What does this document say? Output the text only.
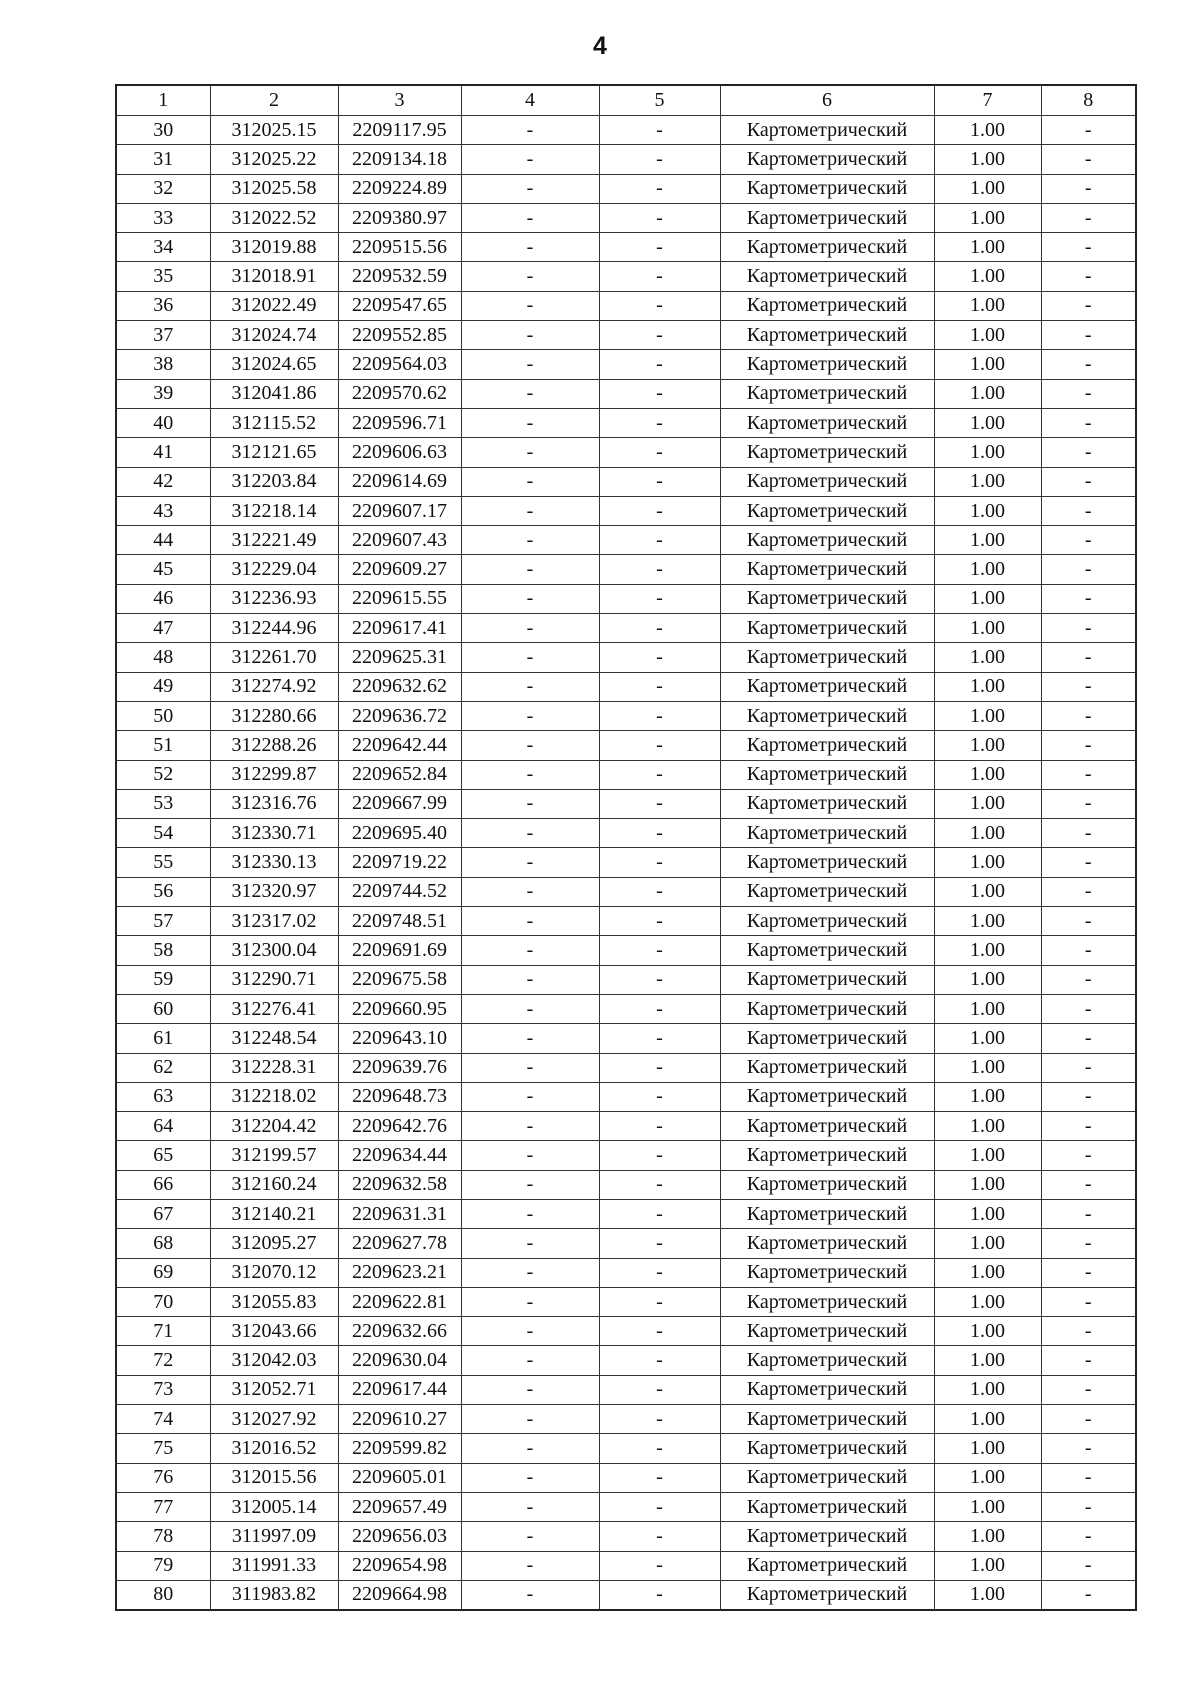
4
1	2	3	4	5	6	7	8
30	312025.15	2209117.95	-	-	Картометрический	1.00	-
31	312025.22	2209134.18	-	-	Картометрический	1.00	-
32	312025.58	2209224.89	-	-	Картометрический	1.00	-
33	312022.52	2209380.97	-	-	Картометрический	1.00	-
34	312019.88	2209515.56	-	-	Картометрический	1.00	-
35	312018.91	2209532.59	-	-	Картометрический	1.00	-
36	312022.49	2209547.65	-	-	Картометрический	1.00	-
37	312024.74	2209552.85	-	-	Картометрический	1.00	-
38	312024.65	2209564.03	-	-	Картометрический	1.00	-
39	312041.86	2209570.62	-	-	Картометрический	1.00	-
40	312115.52	2209596.71	-	-	Картометрический	1.00	-
41	312121.65	2209606.63	-	-	Картометрический	1.00	-
42	312203.84	2209614.69	-	-	Картометрический	1.00	-
43	312218.14	2209607.17	-	-	Картометрический	1.00	-
44	312221.49	2209607.43	-	-	Картометрический	1.00	-
45	312229.04	2209609.27	-	-	Картометрический	1.00	-
46	312236.93	2209615.55	-	-	Картометрический	1.00	-
47	312244.96	2209617.41	-	-	Картометрический	1.00	-
48	312261.70	2209625.31	-	-	Картометрический	1.00	-
49	312274.92	2209632.62	-	-	Картометрический	1.00	-
50	312280.66	2209636.72	-	-	Картометрический	1.00	-
51	312288.26	2209642.44	-	-	Картометрический	1.00	-
52	312299.87	2209652.84	-	-	Картометрический	1.00	-
53	312316.76	2209667.99	-	-	Картометрический	1.00	-
54	312330.71	2209695.40	-	-	Картометрический	1.00	-
55	312330.13	2209719.22	-	-	Картометрический	1.00	-
56	312320.97	2209744.52	-	-	Картометрический	1.00	-
57	312317.02	2209748.51	-	-	Картометрический	1.00	-
58	312300.04	2209691.69	-	-	Картометрический	1.00	-
59	312290.71	2209675.58	-	-	Картометрический	1.00	-
60	312276.41	2209660.95	-	-	Картометрический	1.00	-
61	312248.54	2209643.10	-	-	Картометрический	1.00	-
62	312228.31	2209639.76	-	-	Картометрический	1.00	-
63	312218.02	2209648.73	-	-	Картометрический	1.00	-
64	312204.42	2209642.76	-	-	Картометрический	1.00	-
65	312199.57	2209634.44	-	-	Картометрический	1.00	-
66	312160.24	2209632.58	-	-	Картометрический	1.00	-
67	312140.21	2209631.31	-	-	Картометрический	1.00	-
68	312095.27	2209627.78	-	-	Картометрический	1.00	-
69	312070.12	2209623.21	-	-	Картометрический	1.00	-
70	312055.83	2209622.81	-	-	Картометрический	1.00	-
71	312043.66	2209632.66	-	-	Картометрический	1.00	-
72	312042.03	2209630.04	-	-	Картометрический	1.00	-
73	312052.71	2209617.44	-	-	Картометрический	1.00	-
74	312027.92	2209610.27	-	-	Картометрический	1.00	-
75	312016.52	2209599.82	-	-	Картометрический	1.00	-
76	312015.56	2209605.01	-	-	Картометрический	1.00	-
77	312005.14	2209657.49	-	-	Картометрический	1.00	-
78	311997.09	2209656.03	-	-	Картометрический	1.00	-
79	311991.33	2209654.98	-	-	Картометрический	1.00	-
80	311983.82	2209664.98	-	-	Картометрический	1.00	-
